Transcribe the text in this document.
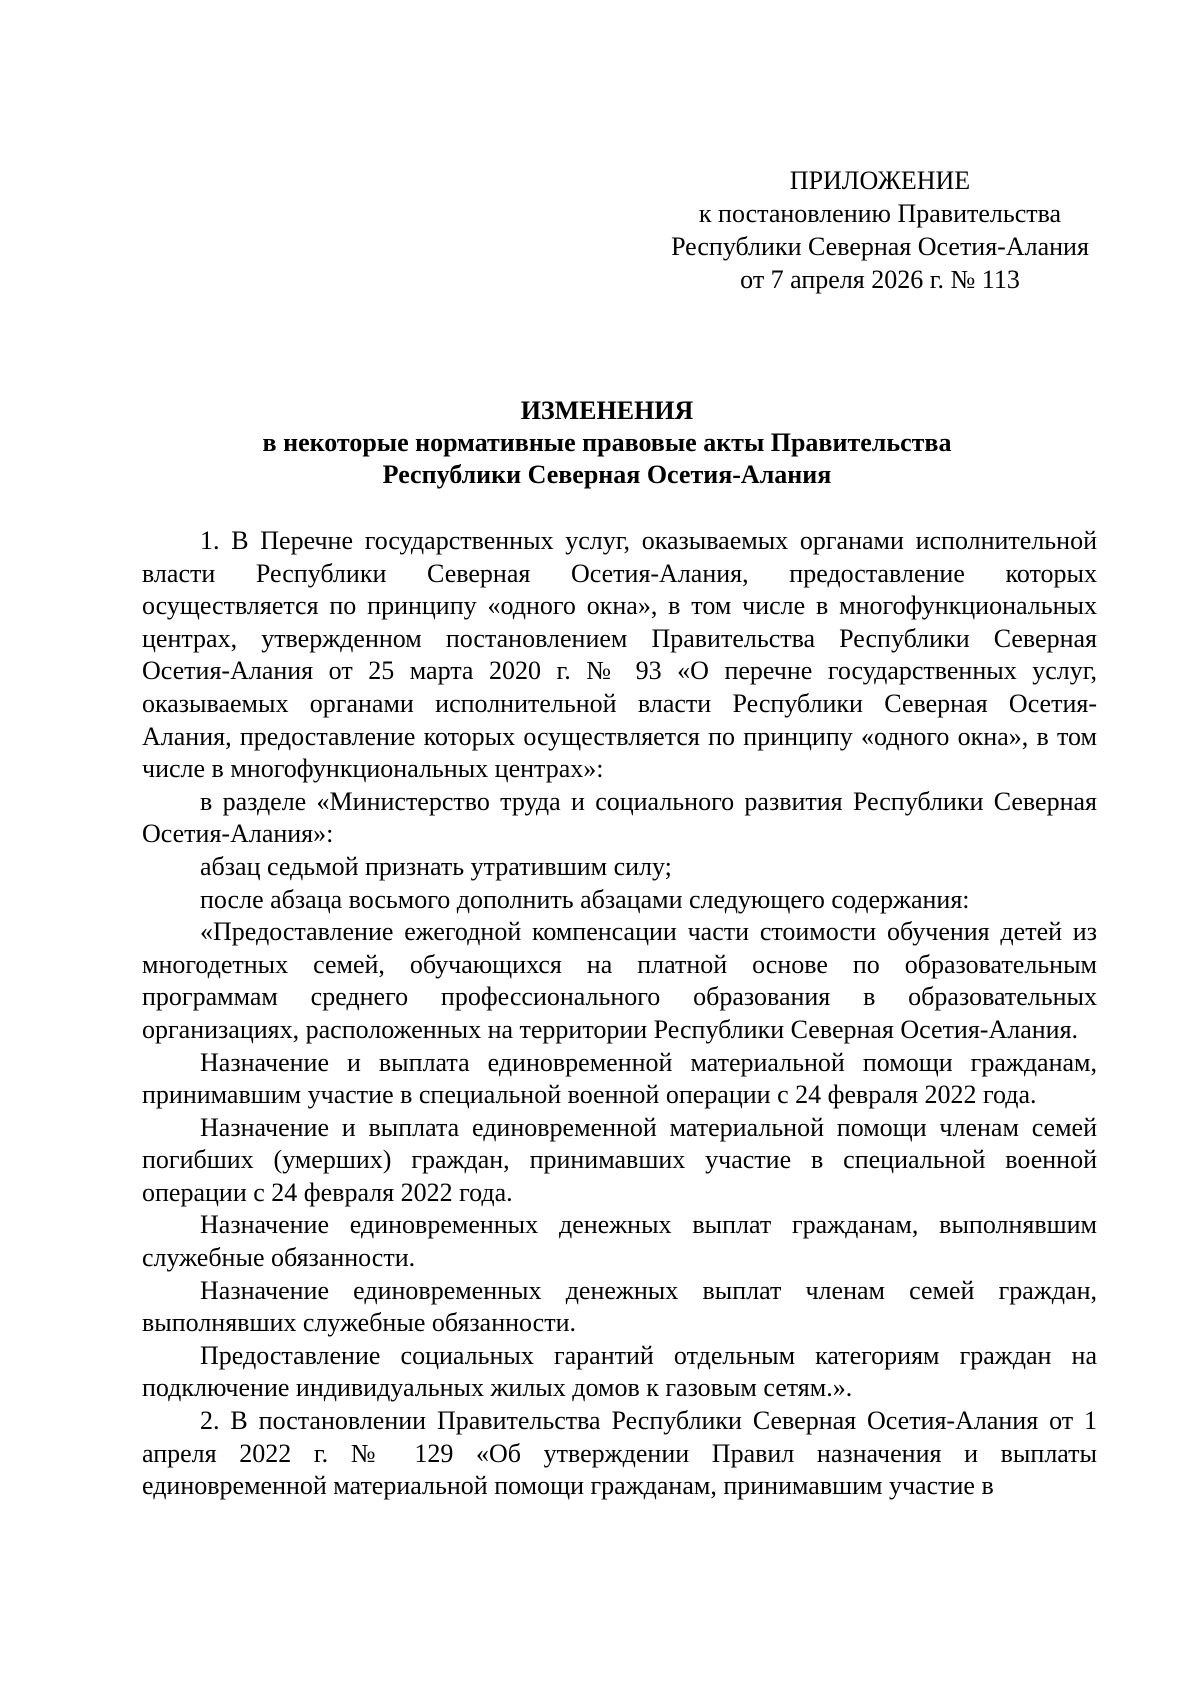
ПРИЛОЖЕНИЕ
к постановлению Правительства
Республики Северная Осетия-Алания
от 7 апреля 2026 г. № 113
ИЗМЕНЕНИЯ
в некоторые нормативные правовые акты Правительства
Республики Северная Осетия-Алания

1. В Перечне государственных услуг, оказываемых органами исполнительной власти Республики Северная Осетия-Алания, предоставление которых осуществляется по принципу «одного окна», в том числе в многофункциональных центрах, утвержденном постановлением Правительства Республики Северная Осетия-Алания от 25 марта 2020 г. № 93 «О перечне государственных услуг, оказываемых органами исполнительной власти Республики Северная Осетия-Алания, предоставление которых осуществляется по принципу «одного окна», в том числе в многофункциональных центрах»:

в разделе «Министерство труда и социального развития Республики Северная Осетия-Алания»:

абзац седьмой признать утратившим силу;

после абзаца восьмого дополнить абзацами следующего содержания:

«Предоставление ежегодной компенсации части стоимости обучения детей из многодетных семей, обучающихся на платной основе по образовательным программам среднего профессионального образования в образовательных организациях, расположенных на территории Республики Северная Осетия-Алания.

Назначение и выплата единовременной материальной помощи гражданам, принимавшим участие в специальной военной операции с 24 февраля 2022 года.

Назначение и выплата единовременной материальной помощи членам семей погибших (умерших) граждан, принимавших участие в специальной военной операции с 24 февраля 2022 года.

Назначение единовременных денежных выплат гражданам, выполнявшим служебные обязанности.

Назначение единовременных денежных выплат членам семей граждан, выполнявших служебные обязанности.

Предоставление социальных гарантий отдельным категориям граждан на подключение индивидуальных жилых домов к газовым сетям.».

2. В постановлении Правительства Республики Северная Осетия-Алания от 1 апреля 2022 г. № 129 «Об утверждении Правил назначения и выплаты единовременной материальной помощи гражданам, принимавшим участие в
